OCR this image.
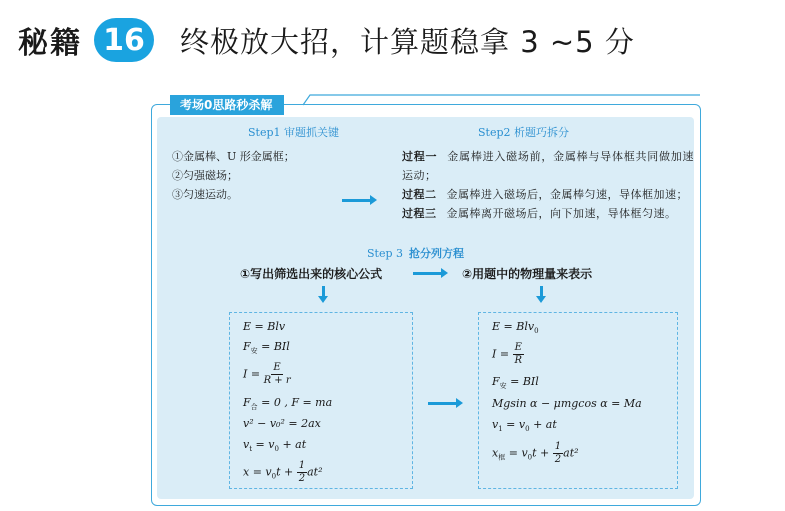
秘籍 16	终极放大招，计算题稳拿 3 ~5 分
考场0思路秒杀解
Step1 审题抓关键	Step2 析题巧拆分
①金属棒、U 形金属框；
②匀强磁场；
③匀速运动。
过程一 金属棒进入磁场前，金属棒与导体框共同做加速运动；
过程二 金属棒进入磁场后，金属棒匀速，导体框加速；
过程三 金属棒离开磁场后，向下加速，导体框匀速。
Step 3 抢分列方程
①写出筛选出来的核心公式	②用题中的物理量来表示
E = Blv
$F_安$ = BIl
$I = \frac{E}{R + r}$
$F_合 = 0$ , F = ma
v² − v₀² = 2ax
$v_t = v_0$ + at
$x = v_0t + \frac{1}{2} at^2$
E = Blv$_0$
$I = \frac{E}{R}$
$F_安$ = BIl
Mgsin α − μmgcos α = Ma
$v_1 = v_0$ + at
$x_框 = v_0t + \frac{1}{2} at^2$
